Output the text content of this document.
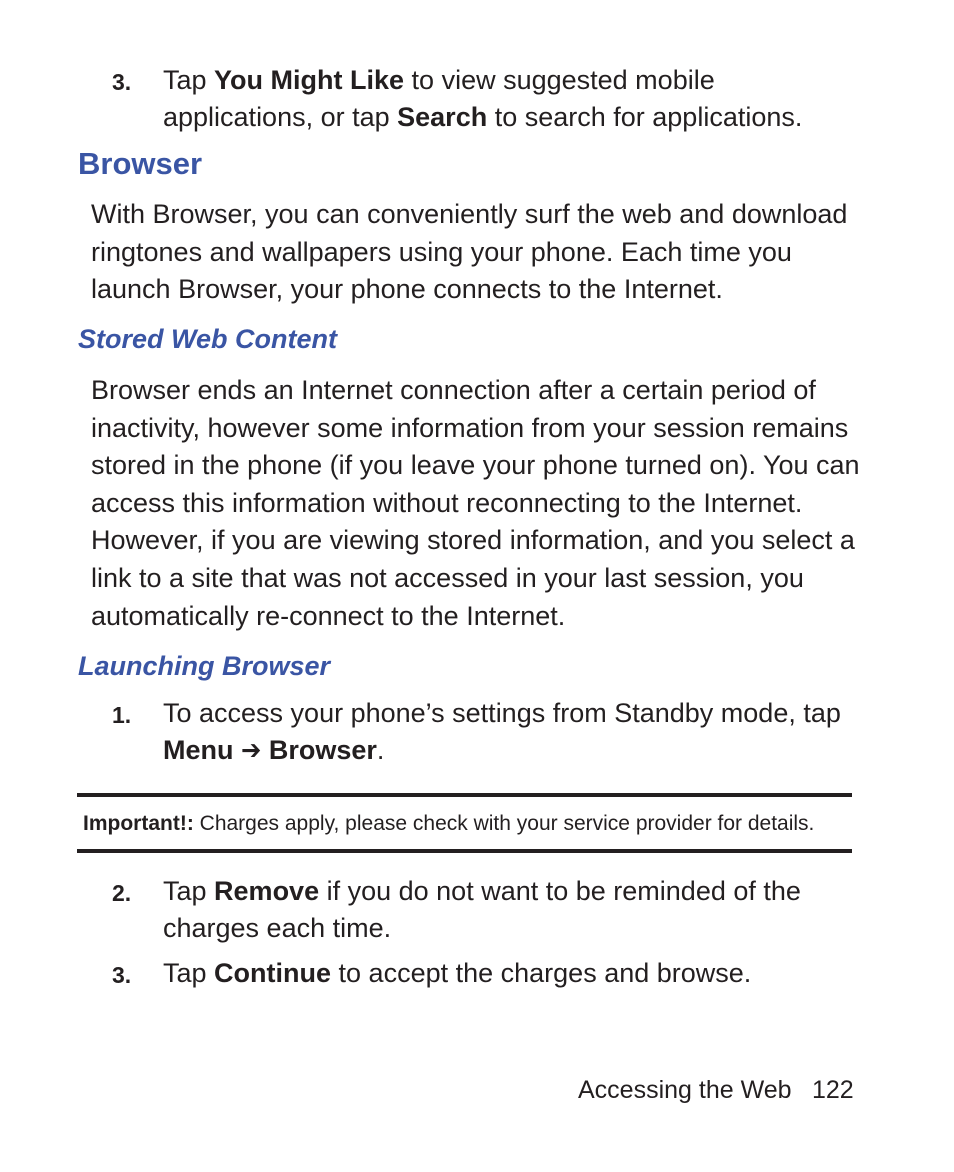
3. Tap You Might Like to view suggested mobile applications, or tap Search to search for applications.
Browser
With Browser, you can conveniently surf the web and download ringtones and wallpapers using your phone. Each time you launch Browser, your phone connects to the Internet.
Stored Web Content
Browser ends an Internet connection after a certain period of inactivity, however some information from your session remains stored in the phone (if you leave your phone turned on). You can access this information without reconnecting to the Internet. However, if you are viewing stored information, and you select a link to a site that was not accessed in your last session, you automatically re-connect to the Internet.
Launching Browser
1. To access your phone’s settings from Standby mode, tap
Menu ➔ Browser.
Important!: Charges apply, please check with your service provider for details.
2. Tap Remove if you do not want to be reminded of the charges each time.
3. Tap Continue to accept the charges and browse.
Accessing the Web 122
